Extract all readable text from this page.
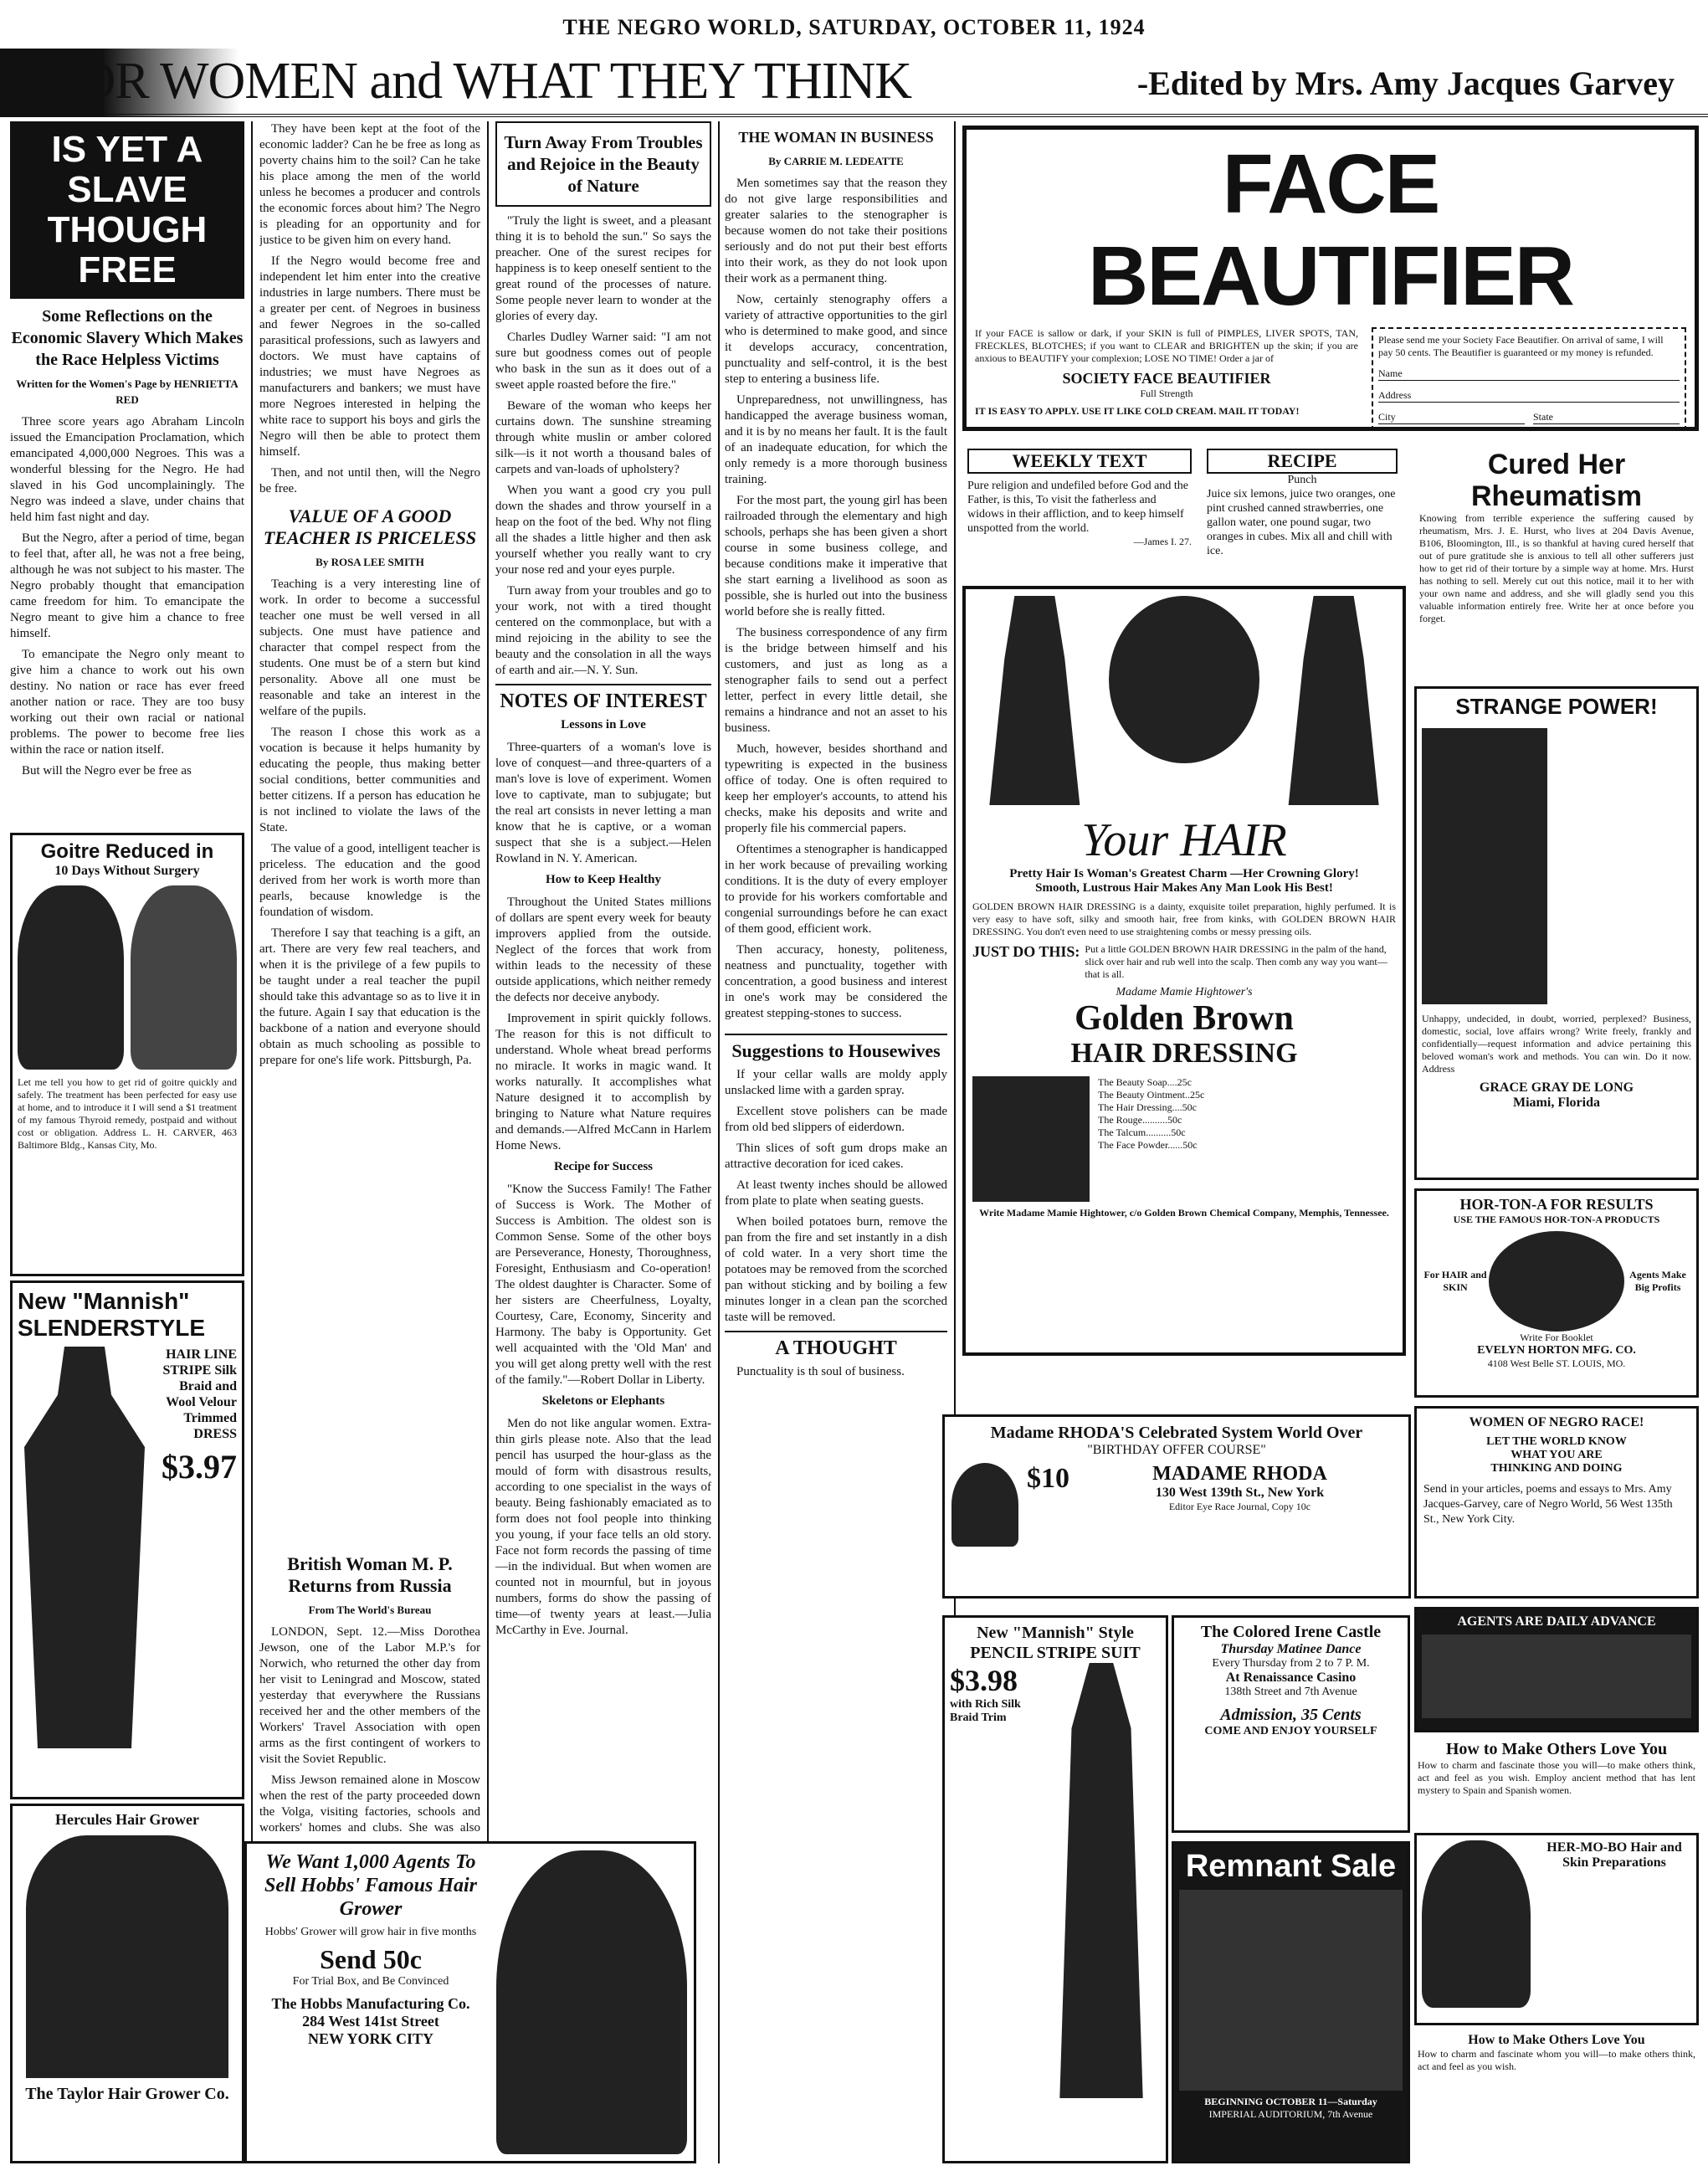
THE NEGRO WORLD, SATURDAY, OCTOBER 11, 1924
FOR WOMEN and WHAT THEY THINK	-Edited by Mrs. Amy Jacques Garvey
IS YET A SLAVE THOUGH FREE
Some Reflections on the Economic Slavery Which Makes the Race Helpless Victims
Written for the Women's Page by HENRIETTA RED

Three score years ago Abraham Lincoln issued the Emancipation Proclamation, which emancipated 4,000,000 Negroes. This was a wonderful blessing for the Negro. He had slaved in his God uncomplainingly. The Negro was indeed a slave, under chains that held him fast night and day.

But the Negro, after a period of time, began to feel that, after all, he was not a free being, although he was not subject to his master. The Negro probably thought that emancipation came freedom for him. To emancipate the Negro meant to give him a chance to free himself.

To emancipate the Negro only meant to give him a chance to work out his own destiny. No nation or race has ever freed another nation or race. They are too busy working out their own racial or national problems. The power to become free lies within the race or nation itself.

But will the Negro ever be free as

Goitre Reduced in
10 Days Without Surgery
Let me tell you how to get rid of goitre quickly and safely. The treatment has been perfected for easy use at home, and to introduce it I will send a $1 treatment of my famous Thyroid remedy, postpaid and without cost or obligation. Address L. H. CARVER, 463 Baltimore Bldg., Kansas City, Mo.
New "Mannish"
SLENDERSTYLE
HAIR LINE STRIPE Silk Braid and Wool Velour Trimmed DRESS
$3.97
Hercules Hair Grower
The Taylor Hair Grower Co.

They have been kept at the foot of the economic ladder? Can he be free as long as poverty chains him to the soil? Can he take his place among the men of the world unless he becomes a producer and controls the economic forces about him? The Negro is pleading for an opportunity and for justice to be given him on every hand.

If the Negro would become free and independent let him enter into the creative industries in large numbers. There must be a greater per cent. of Negroes in business and fewer Negroes in the so-called parasitical professions, such as lawyers and doctors. We must have captains of industries; we must have Negroes as manufacturers and bankers; we must have more Negroes interested in helping the white race to support his boys and girls the Negro will then be able to protect them himself.

Then, and not until then, will the Negro be free.

VALUE OF A GOOD TEACHER IS PRICELESS
By ROSA LEE SMITH

Teaching is a very interesting line of work. In order to become a successful teacher one must be well versed in all subjects. One must have patience and character that compel respect from the students. One must be of a stern but kind personality. Above all one must be reasonable and take an interest in the welfare of the pupils.

The reason I chose this work as a vocation is because it helps humanity by educating the people, thus making better social conditions, better communities and better citizens. If a person has education he is not inclined to violate the laws of the State.

The value of a good, intelligent teacher is priceless. The education and the good derived from her work is worth more than pearls, because knowledge is the foundation of wisdom.

Therefore I say that teaching is a gift, an art. There are very few real teachers, and when it is the privilege of a few pupils to be taught under a real teacher the pupil should take this advantage so as to live it in the future. Again I say that education is the backbone of a nation and everyone should obtain as much schooling as possible to prepare for one's life work. Pittsburgh, Pa.

British Woman M. P. Returns from Russia
From The World's Bureau

LONDON, Sept. 12.—Miss Dorothea Jewson, one of the Labor M.P.'s for Norwich, who returned the other day from her visit to Leningrad and Moscow, stated yesterday that everywhere the Russians received her and the other members of the Workers' Travel Association with open arms as the first contingent of workers to visit the Soviet Republic.

Miss Jewson remained alone in Moscow when the rest of the party proceeded down the Volga, visiting factories, schools and workers' homes and clubs. She was also

We Want 1,000 Agents To Sell Hobbs' Famous Hair Grower
Hobbs' Grower will grow hair in five months
Send 50c
For Trial Box, and Be Convinced
The Hobbs Manufacturing Co.
284 West 141st Street
NEW YORK CITY
Turn Away From Troubles and Rejoice in the Beauty of Nature

"Truly the light is sweet, and a pleasant thing it is to behold the sun." So says the preacher. One of the surest recipes for happiness is to keep oneself sentient to the great round of the processes of nature. Some people never learn to wonder at the glories of every day.

Charles Dudley Warner said: "I am not sure but goodness comes out of people who bask in the sun as it does out of a sweet apple roasted before the fire."

Beware of the woman who keeps her curtains down. The sunshine streaming through white muslin or amber colored silk—is it not worth a thousand bales of carpets and van-loads of upholstery?

When you want a good cry you pull down the shades and throw yourself in a heap on the foot of the bed. Why not fling all the shades a little higher and then ask yourself whether you really want to cry your nose red and your eyes purple.

Turn away from your troubles and go to your work, not with a tired thought centered on the commonplace, but with a mind rejoicing in the ability to see the beauty and the consolation in all the ways of earth and air.—N. Y. Sun.

NOTES OF INTEREST
Lessons in Love

Three-quarters of a woman's love is love of conquest—and three-quarters of a man's love is love of experiment. Women love to captivate, man to subjugate; but the real art consists in never letting a man know that he is captive, or a woman suspect that she is a subject.—Helen Rowland in N. Y. American.

How to Keep Healthy

Throughout the United States millions of dollars are spent every week for beauty improvers applied from the outside. Neglect of the forces that work from within leads to the necessity of these outside applications, which neither remedy the defects nor deceive anybody.

Improvement in spirit quickly follows. The reason for this is not difficult to understand. Whole wheat bread performs no miracle. It works in magic wand. It works naturally. It accomplishes what Nature designed it to accomplish by bringing to Nature what Nature requires and demands.—Alfred McCann in Harlem Home News.

Recipe for Success

"Know the Success Family! The Father of Success is Work. The Mother of Success is Ambition. The oldest son is Common Sense. Some of the other boys are Perseverance, Honesty, Thoroughness, Foresight, Enthusiasm and Co-operation! The oldest daughter is Character. Some of her sisters are Cheerfulness, Loyalty, Courtesy, Care, Economy, Sincerity and Harmony. The baby is Opportunity. Get well acquainted with the 'Old Man' and you will get along pretty well with the rest of the family."—Robert Dollar in Liberty.

Skeletons or Elephants

Men do not like angular women. Extra-thin girls please note. Also that the lead pencil has usurped the hour-glass as the mould of form with disastrous results, according to one specialist in the ways of beauty. Being fashionably emaciated as to form does not fool people into thinking you young, if your face tells an old story. Face not form records the passing of time—in the individual. But when women are counted not in mournful, but in joyous numbers, forms do show the passing of time—of twenty years at least.—Julia McCarthy in Eve. Journal.

THE WOMAN IN BUSINESS
By CARRIE M. LEDEATTE

Men sometimes say that the reason they do not give large responsibilities and greater salaries to the stenographer is because women do not take their positions seriously and do not put their best efforts into their work, as they do not look upon their work as a permanent thing.

Now, certainly stenography offers a variety of attractive opportunities to the girl who is determined to make good, and since it develops accuracy, concentration, punctuality and self-control, it is the best step to entering a business life.

Unpreparedness, not unwillingness, has handicapped the average business woman, and it is by no means her fault. It is the fault of an inadequate education, for which the only remedy is a more thorough business training.

For the most part, the young girl has been railroaded through the elementary and high schools, perhaps she has been given a short course in some business college, and because conditions make it imperative that she start earning a livelihood as soon as possible, she is hurled out into the business world before she is really fitted.

The business correspondence of any firm is the bridge between himself and his customers, and just as long as a stenographer fails to send out a perfect letter, perfect in every little detail, she remains a hindrance and not an asset to his business.

Much, however, besides shorthand and typewriting is expected in the business office of today. One is often required to keep her employer's accounts, to attend his checks, make his deposits and write and properly file his commercial papers.

Oftentimes a stenographer is handicapped in her work because of prevailing working conditions. It is the duty of every employer to provide for his workers comfortable and congenial surroundings before he can exact of them good, efficient work.

Then accuracy, honesty, politeness, neatness and punctuality, together with concentration, a good business and interest in one's work may be considered the greatest stepping-stones to success.

Suggestions to Housewives

If your cellar walls are moldy apply unslacked lime with a garden spray.

Excellent stove polishers can be made from old bed slippers of eiderdown.

Thin slices of soft gum drops make an attractive decoration for iced cakes.

At least twenty inches should be allowed from plate to plate when seating guests.

When boiled potatoes burn, remove the pan from the fire and set instantly in a dish of cold water. In a very short time the potatoes may be removed from the scorched pan without sticking and by boiling a few minutes longer in a clean pan the scorched taste will be removed.

A THOUGHT

Punctuality is th soul of business.

FACE BEAUTIFIER
If your FACE is sallow or dark, if your SKIN is full of PIMPLES, LIVER SPOTS, TAN, FRECKLES, BLOTCHES; if you want to CLEAR and BRIGHTEN up the skin; if you are anxious to BEAUTIFY your complexion; LOSE NO TIME! Order a jar of
SOCIETY FACE BEAUTIFIER
Full Strength
IT IS EASY TO APPLY. USE IT LIKE COLD CREAM. MAIL IT TODAY!
Please send me your Society Face Beautifier. On arrival of same, I will pay 50 cents. The Beautifier is guaranteed or my money is refunded.
Name
Address
City	State
WEEKLY TEXT
Pure religion and undefiled before God and the Father, is this, To visit the fatherless and widows in their affliction, and to keep himself unspotted from the world.
—James I. 27.
RECIPE
Punch
Juice six lemons, juice two oranges, one pint crushed canned strawberries, one gallon water, one pound sugar, two oranges in cubes. Mix all and chill with ice.
Your HAIR
Pretty Hair Is Woman's Greatest Charm —Her Crowning Glory!
Smooth, Lustrous Hair Makes Any Man Look His Best!
GOLDEN BROWN HAIR DRESSING is a dainty, exquisite toilet preparation, highly perfumed. It is very easy to have soft, silky and smooth hair, free from kinks, with GOLDEN BROWN HAIR DRESSING. You don't even need to use straightening combs or messy pressing oils.
JUST DO THIS: Put a little GOLDEN BROWN HAIR DRESSING in the palm of the hand, slick over hair and rub well into the scalp. Then comb any way you want—that is all.
Madame Mamie Hightower's
Golden Brown
HAIR DRESSING
The Beauty Soap....25c
The Beauty Ointment..25c
The Hair Dressing....50c
The Rouge..........50c
The Talcum..........50c
The Face Powder......50c
Write Madame Mamie Hightower, c/o Golden Brown Chemical Company, Memphis, Tennessee.
Madame RHODA'S Celebrated System World Over
"BIRTHDAY OFFER COURSE"
$10	MADAME RHODA
130 West 139th St., New York
Editor Eye Race Journal, Copy 10c
New "Mannish" Style PENCIL STRIPE SUIT
$3.98
with Rich Silk Braid Trim
The Colored Irene Castle
Thursday Matinee Dance
Every Thursday from 2 to 7 P. M.
At Renaissance Casino
138th Street and 7th Avenue
Admission, 35 Cents
COME AND ENJOY YOURSELF
Remnant Sale
BEGINNING OCTOBER 11—Saturday
IMPERIAL AUDITORIUM, 7th Avenue
Cured Her Rheumatism
Knowing from terrible experience the suffering caused by rheumatism, Mrs. J. E. Hurst, who lives at 204 Davis Avenue, B106, Bloomington, Ill., is so thankful at having cured herself that out of pure gratitude she is anxious to tell all other sufferers just how to get rid of their torture by a simple way at home. Mrs. Hurst has nothing to sell. Merely cut out this notice, mail it to her with your own name and address, and she will gladly send you this valuable information entirely free. Write her at once before you forget.
STRANGE POWER!
Unhappy, undecided, in doubt, worried, perplexed? Business, domestic, social, love affairs wrong? Write freely, frankly and confidentially—request information and advice pertaining this beloved woman's work and methods. You can win. Do it now. Address
GRACE GRAY DE LONG
Miami, Florida
HOR-TON-A FOR RESULTS
USE THE FAMOUS HOR-TON-A PRODUCTS
For HAIR and SKIN
Agents Make Big Profits
Write For Booklet
EVELYN HORTON MFG. CO.
4108 West Belle ST. LOUIS, MO.
WOMEN OF NEGRO RACE!
LET THE WORLD KNOW
WHAT YOU ARE
THINKING AND DOING
Send in your articles, poems and essays to Mrs. Amy Jacques-Garvey, care of Negro World, 56 West 135th St., New York City.
AGENTS ARE DAILY ADVANCE
How to Make Others Love You
How to charm and fascinate those you will—to make others think, act and feel as you wish. Employ ancient method that has lent mystery to Spain and Spanish women.
HER-MO-BO Hair and Skin Preparations
How to Make Others Love You
How to charm and fascinate whom you will—to make others think, act and feel as you wish.
